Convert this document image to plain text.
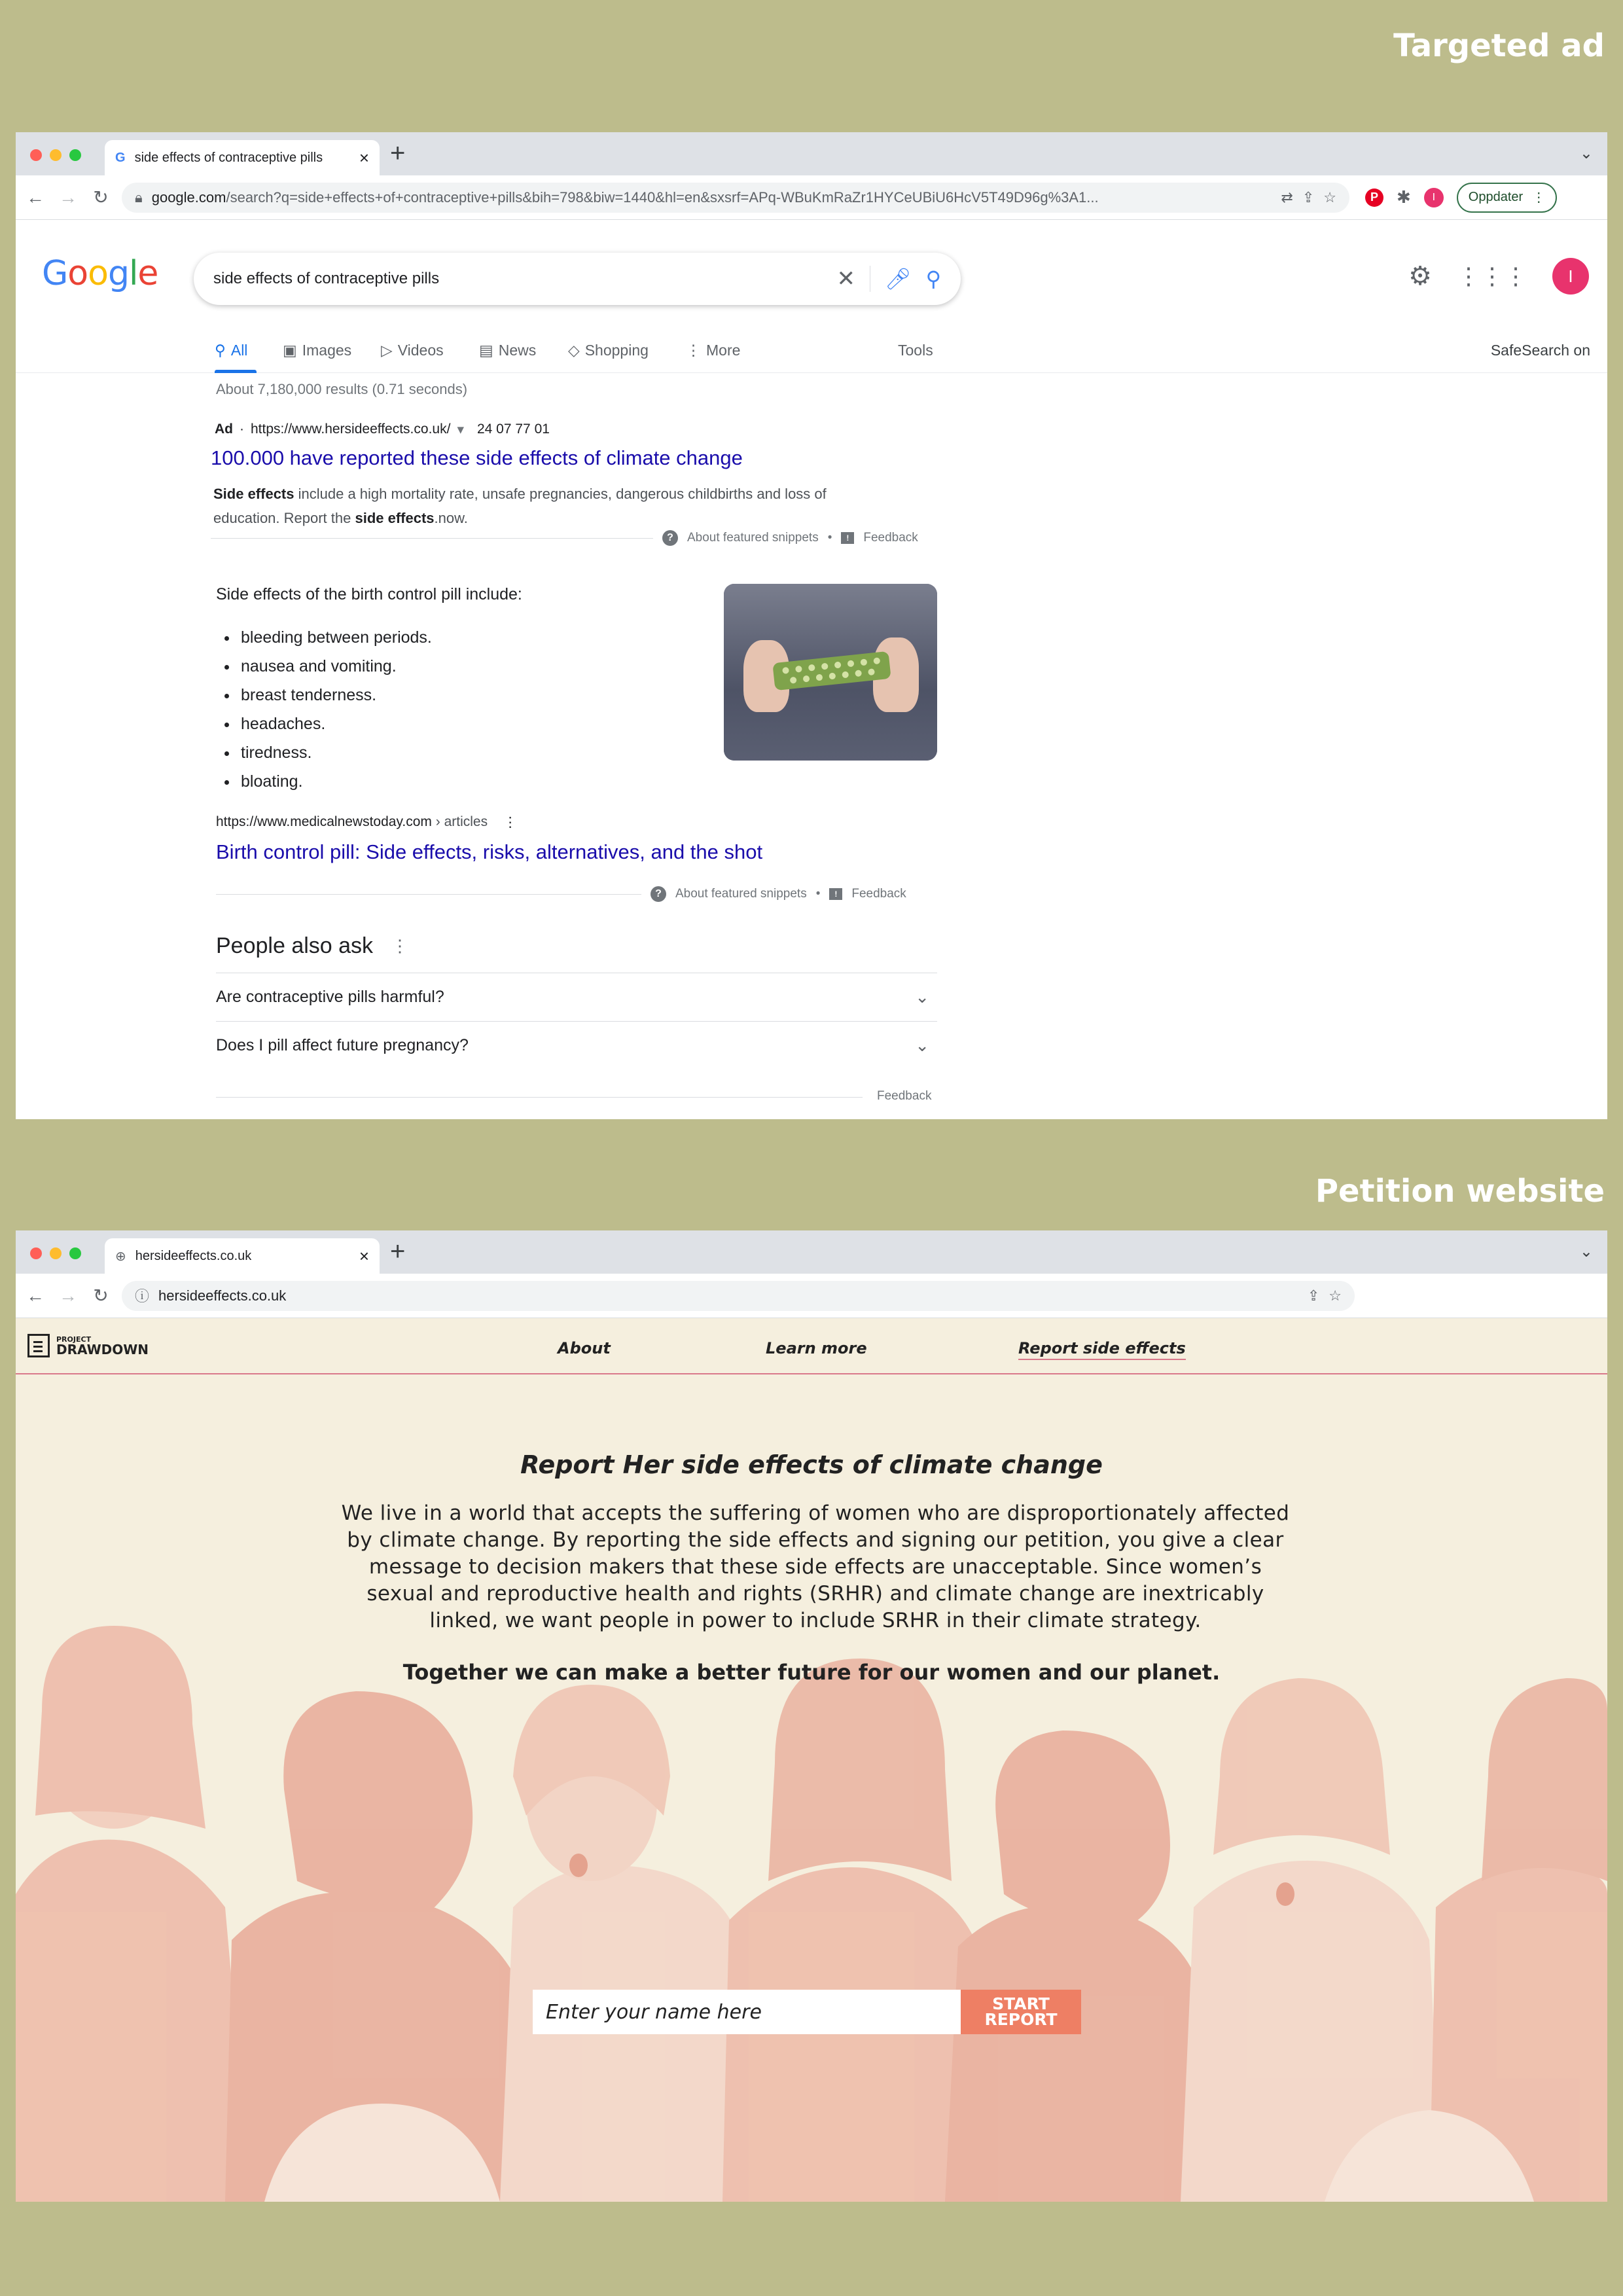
Targeted ad
G side effects of contraceptive pills	× +	⌄
← → ↻ 🔒︎ google.com/search?q=side+effects+of+contraceptive+pills&bih=798&biw=1440&hl=en&sxsrf=APq-WBuKmRaZr1HYCeUBiU6HcV5T49D96g%3A1...	⇄ ⇪ ☆	P	✱	I	Oppdater ⋮
Google	side effects of contraceptive pills	✕	🎤︎ ⚲	⚙ ⋮⋮⋮	I
⚲ All ▣ Images ▷ Videos ▤ News ◇ Shopping ⋮ More	Tools	SafeSearch on
About 7,180,000 results (0.71 seconds)
Ad · https://www.hersideeffects.co.uk/ ▾ 24 07 77 01
100.000 have reported these side effects of climate change
Side effects include a high mortality rate, unsafe pregnancies, dangerous childbirths and loss of education. Report the side effects.now.
?	About featured snippets •	!	Feedback
Side effects of the birth control pill include:
• bleeding between periods.
• nausea and vomiting.
• breast tenderness.
• headaches.
• tiredness.
• bloating.
https://www.medicalnewstoday.com › articles ⋮
Birth control pill: Side effects, risks, alternatives, and the shot
?	About featured snippets •	!	Feedback
People also ask ⋮
Are contraceptive pills harmful?	⌄
Does I pill affect future pregnancy?	⌄
Feedback
Petition website
⊕ hersideeffects.co.uk	× +	⌄
← → ↻ ⓘ hersideeffects.co.uk	⇪ ☆
PROJECT
DRAWDOWN	About	Learn more	Report side effects
Report Her side effects of climate change
We live in a world that accepts the suffering of women who are disproportionately affected by climate change. By reporting the side effects and signing our petition, you give a clear message to decision makers that these side effects are unacceptable. Since women’s sexual and reproductive health and rights (SRHR) and climate change are inextricably linked, we want people in power to include SRHR in their climate strategy.
Together we can make a better future for our women and our planet.
Enter your name here
START
REPORT
